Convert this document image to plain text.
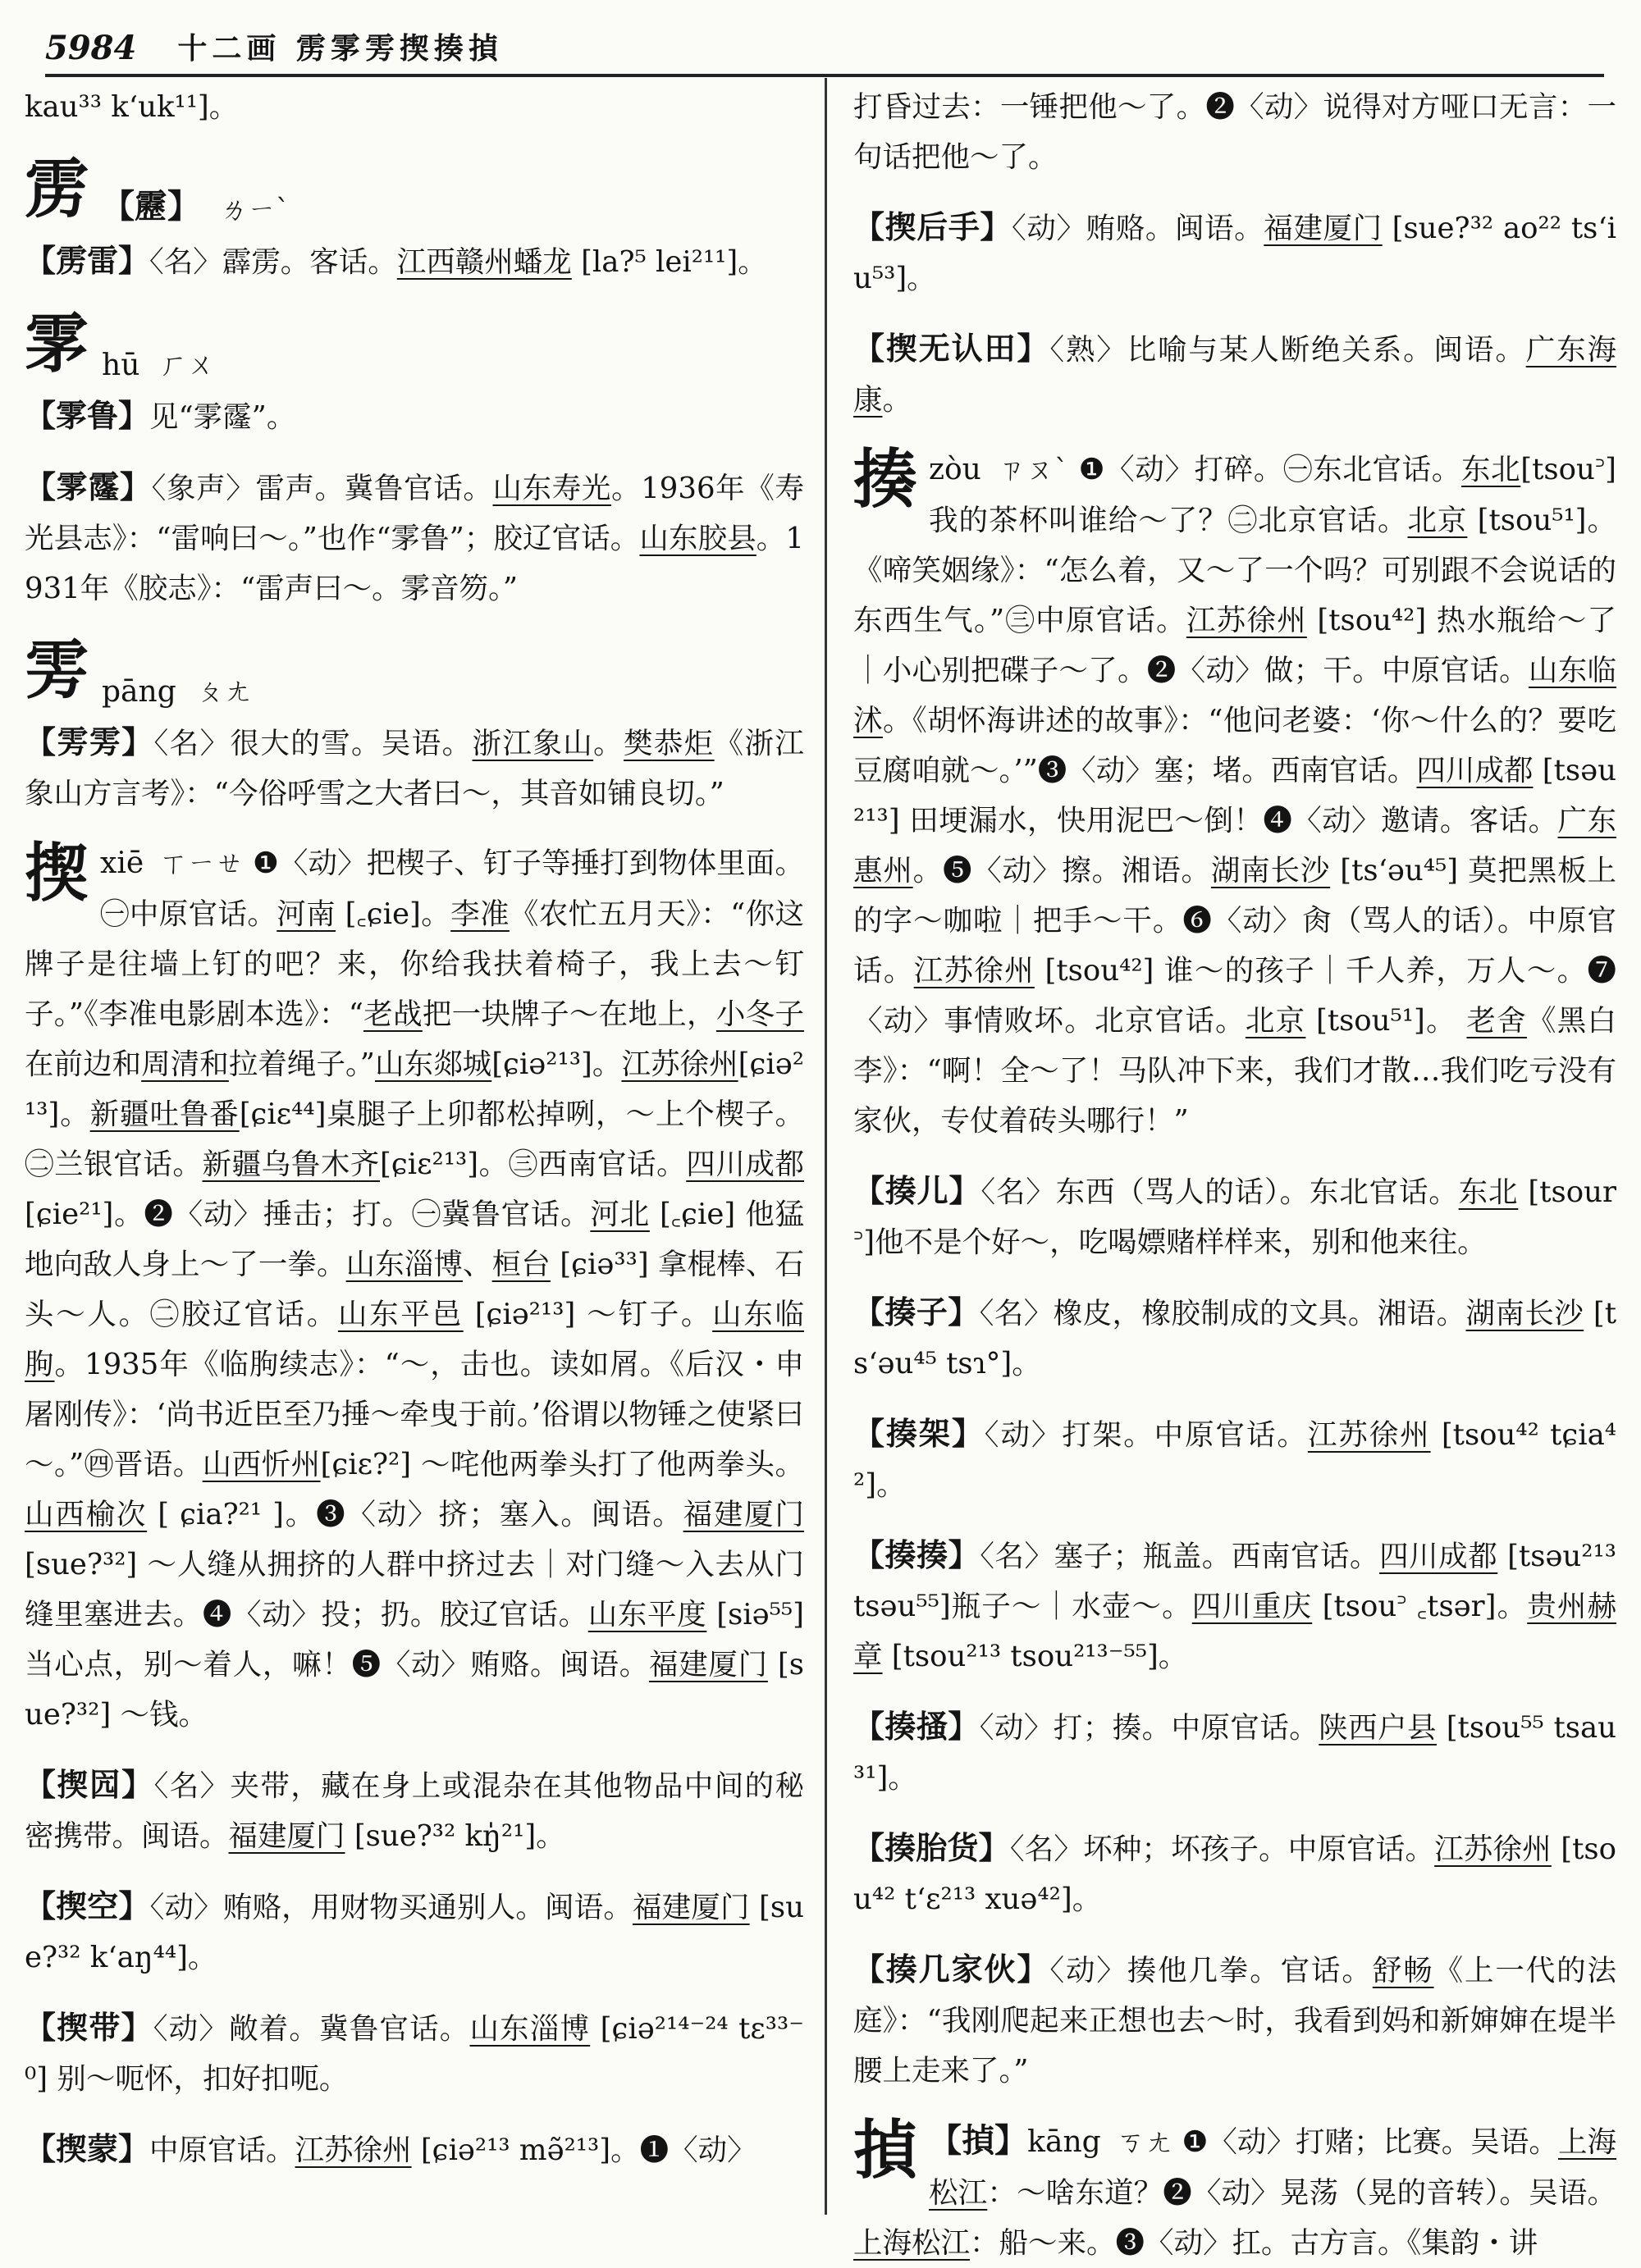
5984 十二画 雳雺雱揳揍揁

kau³³ k‘uk¹¹]。

雳 【靂】 ㄌㄧˋ

【雳雷】〈名〉霹雳。客话。江西赣州蟠龙 [la?⁵ lei²¹¹]。

雺 hū ㄏㄨ

【雺鲁】见“雺霳”。

【雺霳】〈象声〉雷声。冀鲁官话。山东寿光。1936年《寿光县志》：“雷响曰～。”也作“雺鲁”；胶辽官话。山东胶县。1931年《胶志》：“雷声曰～。雺音笏。”

雱 pāng ㄆㄤ

【雱雱】〈名〉很大的雪。吴语。浙江象山。樊恭炬《浙江象山方言考》：“今俗呼雪之大者曰～，其音如铺良切。”

揳xiē ㄒㄧㄝ ❶〈动〉把楔子、钉子等捶打到物体里面。㊀中原官话。河南 [꜀ɕie]。李准《农忙五月天》：“你这牌子是往墙上钉的吧？来，你给我扶着椅子，我上去～钉子。”《李准电影剧本选》：“老战把一块牌子～在地上，小冬子在前边和周清和拉着绳子。”山东郯城[ɕiə²¹³]。江苏徐州[ɕiə²¹³]。新疆吐鲁番[ɕiɛ⁴⁴]桌腿子上卯都松掉咧，～上个楔子。㊁兰银官话。新疆乌鲁木齐[ɕiɛ²¹³]。㊂西南官话。四川成都[ɕie²¹]。❷〈动〉捶击；打。㊀冀鲁官话。河北 [꜀ɕie] 他猛地向敌人身上～了一拳。山东淄博、桓台 [ɕiə³³] 拿棍棒、石头～人。㊁胶辽官话。山东平邑 [ɕiə²¹³] ～钉子。山东临朐。1935年《临朐续志》：“～，击也。读如屑。《后汉・申屠刚传》：‘尚书近臣至乃捶～牵曳于前。’俗谓以物锤之使紧曰～。”㊃晋语。山西忻州[ɕiɛ?²] ～咤他两拳头打了他两拳头。山西榆次 [ ɕia?²¹ ]。❸〈动〉挤；塞入。闽语。福建厦门 [sue?³²] ～人缝从拥挤的人群中挤过去｜对门缝～入去从门缝里塞进去。❹〈动〉投；扔。胶辽官话。山东平度 [siə⁵⁵]当心点，别～着人，嘛！❺〈动〉贿赂。闽语。福建厦门 [sue?³²] ～钱。

【揳囥】〈名〉夹带，藏在身上或混杂在其他物品中间的秘密携带。闽语。福建厦门 [sue?³² kŋ̍²¹]。

【揳空】〈动〉贿赂，用财物买通别人。闽语。福建厦门 [sue?³² k‘aŋ⁴⁴]。

【揳带】〈动〉敞着。冀鲁官话。山东淄博 [ɕiə²¹⁴⁻²⁴ tɛ³³⁻⁰] 别～呃怀，扣好扣呃。

【揳蒙】中原官话。江苏徐州 [ɕiə²¹³ mə̃²¹³]。❶〈动〉

打昏过去：一锤把他～了。❷〈动〉说得对方哑口无言：一句话把他～了。

【揳后手】〈动〉贿赂。闽语。福建厦门 [sue?³² ao²² ts‘iu⁵³]。

【揳无认田】〈熟〉比喻与某人断绝关系。闽语。广东海康。

揍zòu ㄗㄡˋ ❶〈动〉打碎。㊀东北官话。东北[tsou꜄]我的茶杯叫谁给～了？㊁北京官话。北京 [tsou⁵¹]。《啼笑姻缘》：“怎么着，又～了一个吗？可别跟不会说话的东西生气。”㊂中原官话。江苏徐州 [tsou⁴²] 热水瓶给～了｜小心别把碟子～了。❷〈动〉做；干。中原官话。山东临沭。《胡怀海讲述的故事》：“他问老婆：‘你～什么的？要吃豆腐咱就～。’”❸〈动〉塞；堵。西南官话。四川成都 [tsəu²¹³] 田埂漏水，快用泥巴～倒！❹〈动〉邀请。客话。广东惠州。❺〈动〉擦。湘语。湖南长沙 [ts‘əu⁴⁵] 莫把黑板上的字～咖啦｜把手～干。❻〈动〉肏（骂人的话）。中原官话。江苏徐州 [tsou⁴²] 谁～的孩子｜千人养，万人～。❼〈动〉事情败坏。北京官话。北京 [tsou⁵¹]。 老舍《黑白李》：“啊！全～了！马队冲下来，我们才散…我们吃亏没有家伙，专仗着砖头哪行！”

【揍儿】〈名〉东西（骂人的话）。东北官话。东北 [tsour꜄]他不是个好～，吃喝嫖赌样样来，别和他来往。

【揍子】〈名〉橡皮，橡胶制成的文具。湘语。湖南长沙 [ts‘əu⁴⁵ tsɿ°]。

【揍架】〈动〉打架。中原官话。江苏徐州 [tsou⁴² tɕia⁴²]。

【揍揍】〈名〉塞子；瓶盖。西南官话。四川成都 [tsəu²¹³ tsəu⁵⁵]瓶子～｜水壶～。四川重庆 [tsou꜄ ꜀tsər]。贵州赫章 [tsou²¹³ tsou²¹³⁻⁵⁵]。

【揍搔】〈动〉打；揍。中原官话。陕西户县 [tsou⁵⁵ tsau³¹]。

【揍胎货】〈名〉坏种；坏孩子。中原官话。江苏徐州 [tsou⁴² t‘ɛ²¹³ xuə⁴²]。

【揍几家伙】〈动〉揍他几拳。官话。舒畅《上一代的法庭》：“我刚爬起来正想也去～时，我看到妈和新婶婶在堤半腰上走来了。”

揁 【揁】kāng ㄎㄤ ❶〈动〉打赌；比赛。吴语。上海松江：～啥东道？❷〈动〉晃荡（晃的音转）。吴语。上海松江：船～来。❸〈动〉扛。古方言。《集韵・讲
